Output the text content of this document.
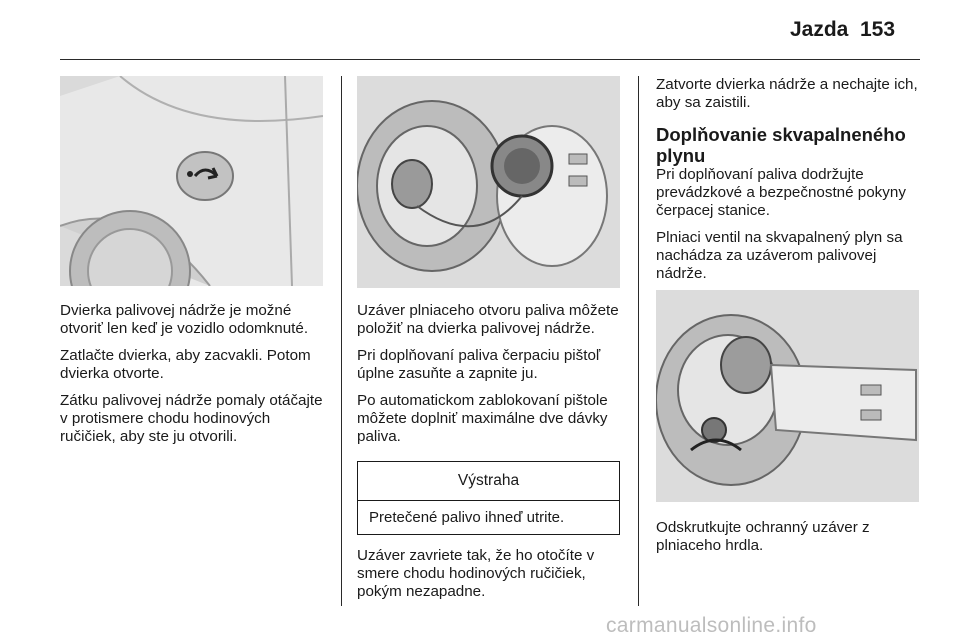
Jazda 153

Dvierka palivovej nádrže je možné otvoriť len keď je vozidlo odomknuté.

Zatlačte dvierka, aby zacvakli. Potom dvierka otvorte.

Zátku palivovej nádrže pomaly otáčajte v protismere chodu hodinových ručičiek, aby ste ju otvorili.

Uzáver plniaceho otvoru paliva môžete položiť na dvierka palivovej nádrže.

Pri doplňovaní paliva čerpaciu pištoľ úplne zasuňte a zapnite ju.

Po automatickom zablokovaní pištole môžete doplniť maximálne dve dávky paliva.

Výstraha
Pretečené palivo ihneď utrite.

Uzáver zavriete tak, že ho otočíte v smere chodu hodinových ručičiek, pokým nezapadne.

Zatvorte dvierka nádrže a nechajte ich, aby sa zaistili.

Doplňovanie skvapalneného plynu

Pri doplňovaní paliva dodržujte prevádzkové a bezpečnostné pokyny čerpacej stanice.

Plniaci ventil na skvapalnený plyn sa nachádza za uzáverom palivovej nádrže.

Odskrutkujte ochranný uzáver z plniaceho hrdla.

carmanualsonline.info
